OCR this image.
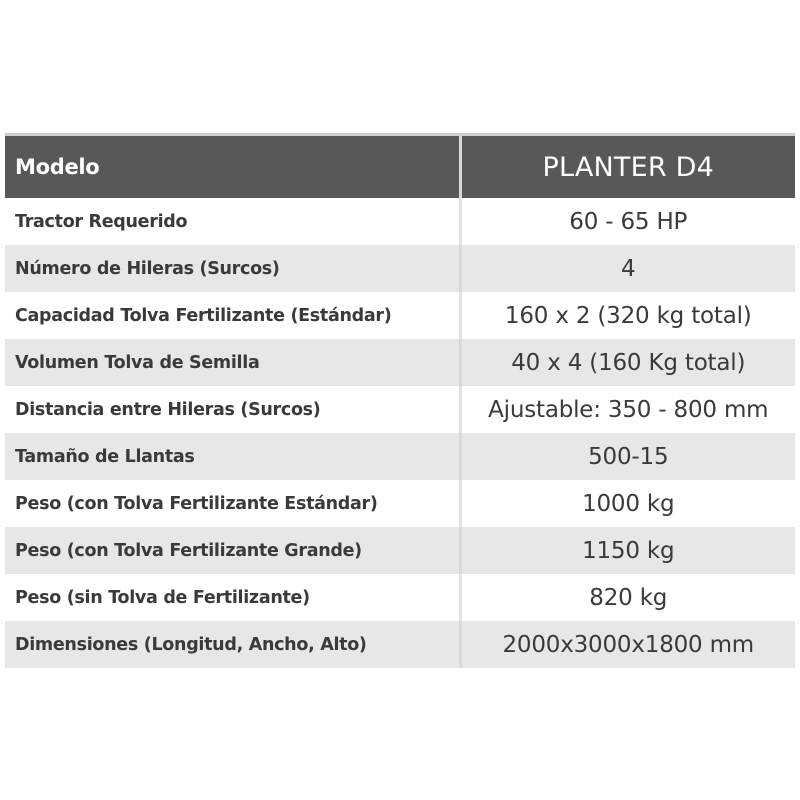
Modelo	PLANTER D4
Tractor Requerido	60 - 65 HP
Número de Hileras (Surcos)	4
Capacidad Tolva Fertilizante (Estándar)	160 x 2 (320 kg total)
Volumen Tolva de Semilla	40 x 4 (160 Kg total)
Distancia entre Hileras (Surcos)	Ajustable: 350 - 800 mm
Tamaño de Llantas	500-15
Peso (con Tolva Fertilizante Estándar)	1000 kg
Peso (con Tolva Fertilizante Grande)	1150 kg
Peso (sin Tolva de Fertilizante)	820 kg
Dimensiones (Longitud, Ancho, Alto)	2000x3000x1800 mm
